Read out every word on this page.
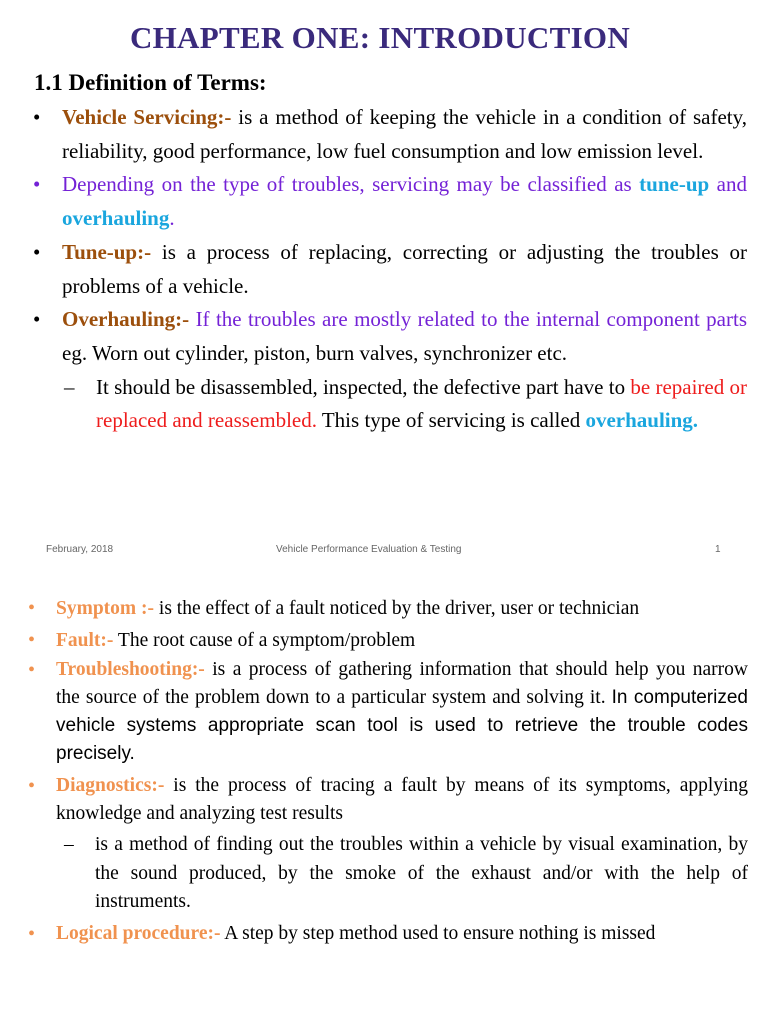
CHAPTER ONE: INTRODUCTION
1.1 Definition of Terms:
• Vehicle Servicing:- is a method of keeping the vehicle in a condition of safety, reliability, good performance, low fuel consumption and low emission level.
• Depending on the type of troubles, servicing may be classified as tune-up and overhauling.
• Tune-up:- is a process of replacing, correcting or adjusting the troubles or problems of a vehicle.
• Overhauling:- If the troubles are mostly related to the internal component parts eg. Worn out cylinder, piston, burn valves, synchronizer etc.
– It should be disassembled, inspected, the defective part have to be repaired or replaced and reassembled. This type of servicing is called overhauling.
February, 2018	Vehicle Performance Evaluation & Testing	1
• Symptom :- is the effect of a fault noticed by the driver, user or technician
• Fault:- The root cause of a symptom/problem
• Troubleshooting:- is a process of gathering information that should help you narrow the source of the problem down to a particular system and solving it. In computerized vehicle systems appropriate scan tool is used to retrieve the trouble codes precisely.
• Diagnostics:- is the process of tracing a fault by means of its symptoms, applying knowledge and analyzing test results
– is a method of finding out the troubles within a vehicle by visual examination, by the sound produced, by the smoke of the exhaust and/or with the help of instruments.
• Logical procedure:- A step by step method used to ensure nothing is missed
